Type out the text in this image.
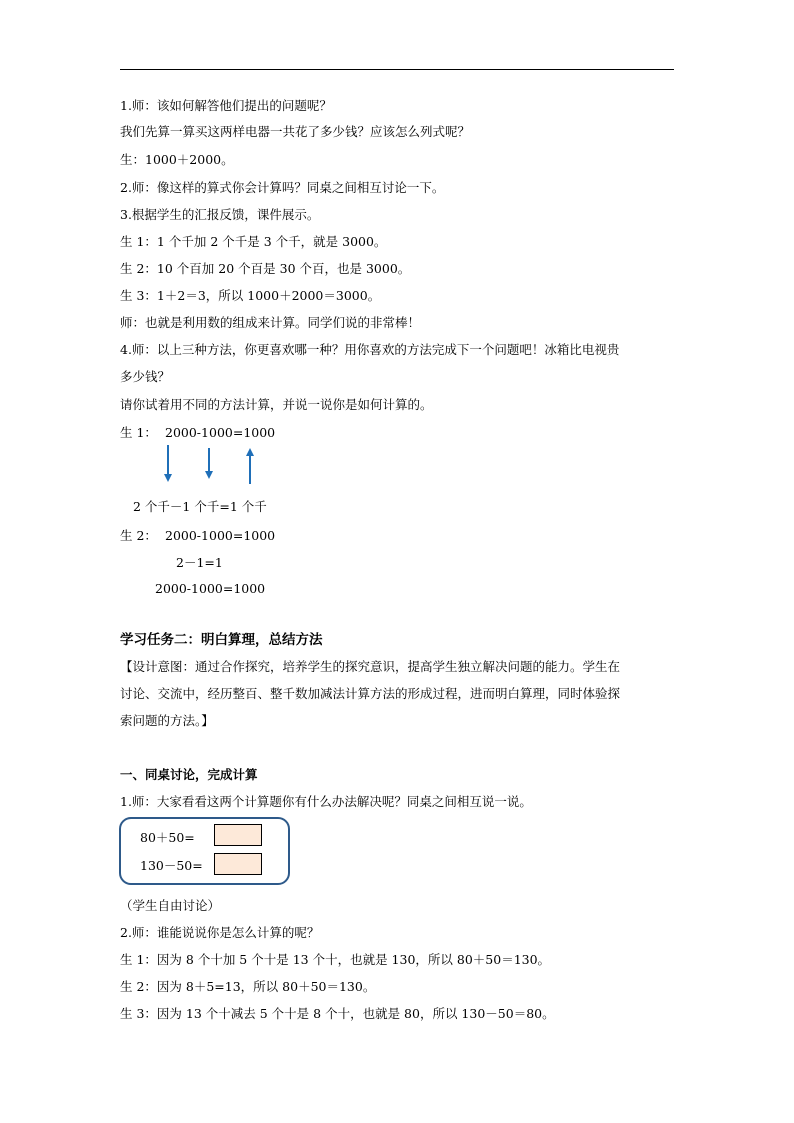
1.师：该如何解答他们提出的问题呢？
我们先算一算买这两样电器一共花了多少钱？应该怎么列式呢？
生：1000＋2000。
2.师：像这样的算式你会计算吗？同桌之间相互讨论一下。
3.根据学生的汇报反馈，课件展示。
生 1：1 个千加 2 个千是 3 个千，就是 3000。
生 2：10 个百加 20 个百是 30 个百，也是 3000。
生 3：1＋2＝3，所以 1000＋2000＝3000。
师：也就是利用数的组成来计算。同学们说的非常棒！
4.师：以上三种方法，你更喜欢哪一种？用你喜欢的方法完成下一个问题吧！冰箱比电视贵
多少钱？
请你试着用不同的方法计算，并说一说你是如何计算的。
生 1： 2000-1000=1000
2 个千－1 个千=1 个千
生 2： 2000-1000=1000
2－1=1
2000-1000=1000
学习任务二：明白算理，总结方法
【设计意图：通过合作探究，培养学生的探究意识，提高学生独立解决问题的能力。学生在
讨论、交流中，经历整百、整千数加减法计算方法的形成过程，进而明白算理，同时体验探
索问题的方法。】
一、同桌讨论，完成计算
1.师：大家看看这两个计算题你有什么办法解决呢？同桌之间相互说一说。
80＋50=
130－50=
（学生自由讨论）
2.师：谁能说说你是怎么计算的呢？
生 1：因为 8 个十加 5 个十是 13 个十，也就是 130，所以 80＋50＝130。
生 2：因为 8＋5=13，所以 80＋50＝130。
生 3：因为 13 个十减去 5 个十是 8 个十，也就是 80，所以 130－50＝80。
